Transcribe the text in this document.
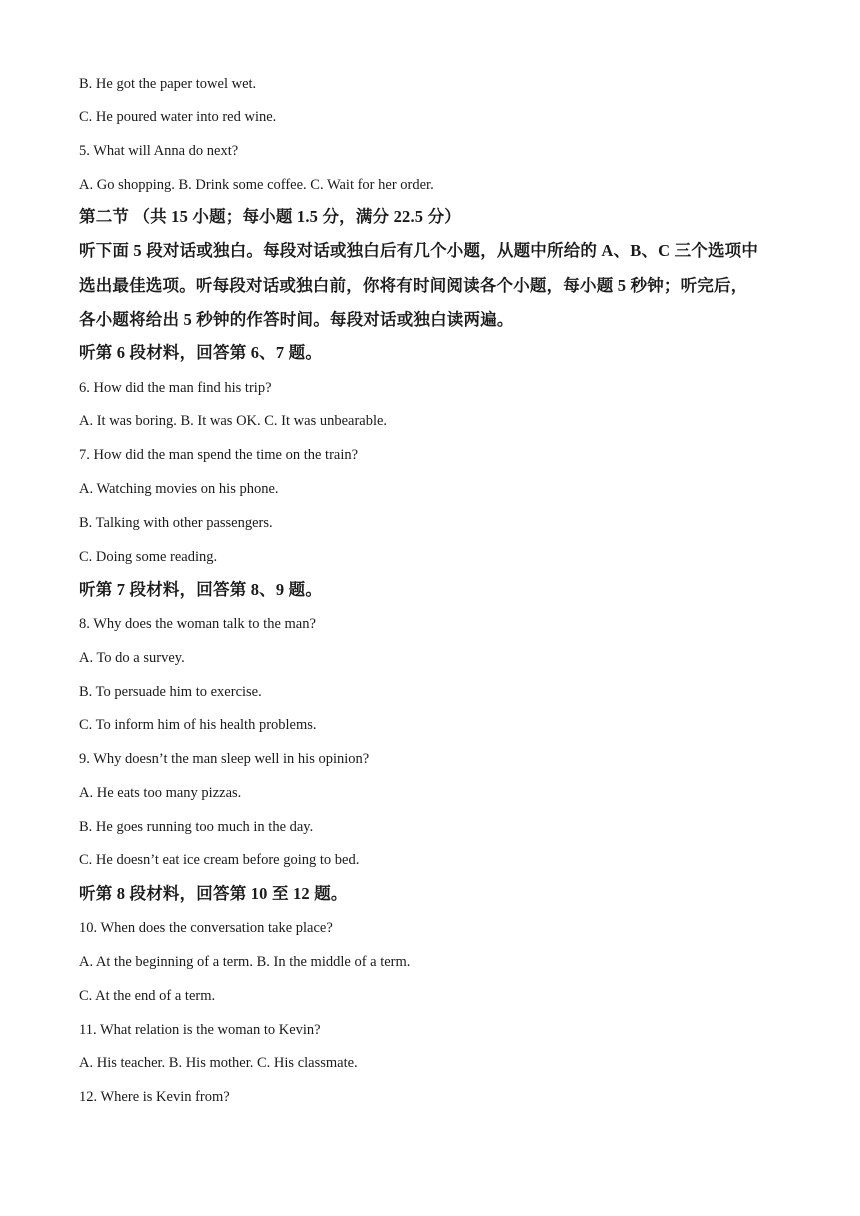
B. He got the paper towel wet.
C. He poured water into red wine.
5. What will Anna do next?
A. Go shopping. B. Drink some coffee. C. Wait for her order.
第二节 （共 15 小题；每小题 1.5 分，满分 22.5 分）
听下面 5 段对话或独白。每段对话或独白后有几个小题，从题中所给的 A、B、C 三个选项中
选出最佳选项。听每段对话或独白前，你将有时间阅读各个小题，每小题 5 秒钟；听完后，
各小题将给出 5 秒钟的作答时间。每段对话或独白读两遍。
听第 6 段材料，回答第 6、7 题。
6. How did the man find his trip?
A. It was boring. B. It was OK. C. It was unbearable.
7. How did the man spend the time on the train?
A. Watching movies on his phone.
B. Talking with other passengers.
C. Doing some reading.
听第 7 段材料，回答第 8、9 题。
8. Why does the woman talk to the man?
A. To do a survey.
B. To persuade him to exercise.
C. To inform him of his health problems.
9. Why doesn’t the man sleep well in his opinion?
A. He eats too many pizzas.
B. He goes running too much in the day.
C. He doesn’t eat ice cream before going to bed.
听第 8 段材料，回答第 10 至 12 题。
10. When does the conversation take place?
A. At the beginning of a term. B. In the middle of a term.
C. At the end of a term.
11. What relation is the woman to Kevin?
A. His teacher. B. His mother. C. His classmate.
12. Where is Kevin from?
